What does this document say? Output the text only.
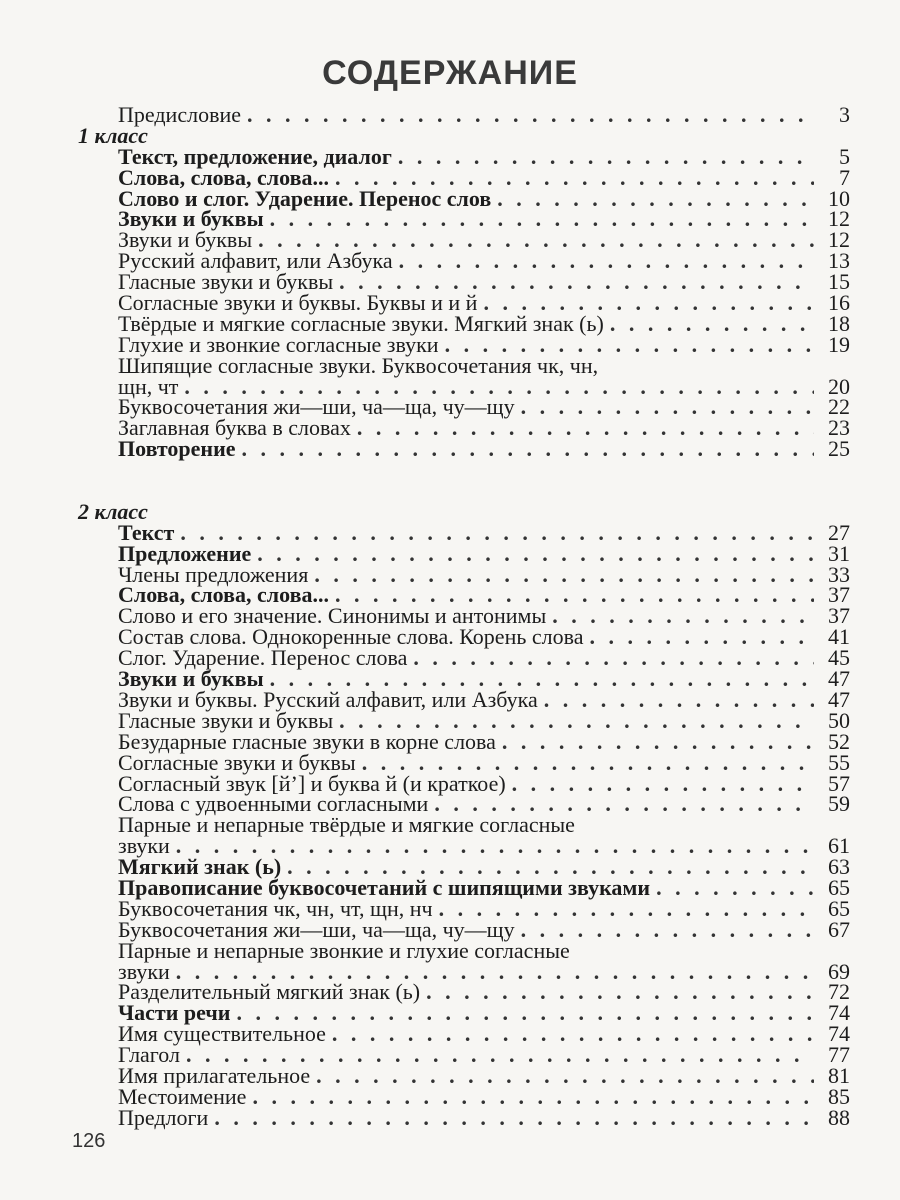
СОДЕРЖАНИЕ
Предисловие . . .	3
1 класс
Текст, предложение, диалог . . .	5
Слова, слова, слова... . . .	7
Слово и слог. Ударение. Перенос слов . . .	10
Звуки и буквы . . .	12
Звуки и буквы . . .	12
Русский алфавит, или Азбука . . .	13
Гласные звуки и буквы . . .	15
Согласные звуки и буквы. Буквы и и й . . .	16
Твёрдые и мягкие согласные звуки. Мягкий знак (ь) . . .	18
Глухие и звонкие согласные звуки . . .	19
Шипящие согласные звуки. Буквосочетания чк, чн,
щн, чт . . .	20
Буквосочетания жи—ши, ча—ща, чу—щу . . .	22
Заглавная буква в словах . . .	23
Повторение . . .	25
2 класс
Текст . . .	27
Предложение . . .	31
Члены предложения . . .	33
Слова, слова, слова... . . .	37
Слово и его значение. Синонимы и антонимы . . .	37
Состав слова. Однокоренные слова. Корень слова . . .	41
Слог. Ударение. Перенос слова . . .	45
Звуки и буквы . . .	47
Звуки и буквы. Русский алфавит, или Азбука . . .	47
Гласные звуки и буквы . . .	50
Безударные гласные звуки в корне слова . . .	52
Согласные звуки и буквы . . .	55
Согласный звук [й’] и буква й (и краткое) . . .	57
Слова с удвоенными согласными . . .	59
Парные и непарные твёрдые и мягкие согласные
звуки . . .	61
Мягкий знак (ь) . . .	63
Правописание буквосочетаний с шипящими звуками . . .	65
Буквосочетания чк, чн, чт, щн, нч . . .	65
Буквосочетания жи—ши, ча—ща, чу—щу . . .	67
Парные и непарные звонкие и глухие согласные
звуки . . .	69
Разделительный мягкий знак (ь) . . .	72
Части речи . . .	74
Имя существительное . . .	74
Глагол . . .	77
Имя прилагательное . . .	81
Местоимение . . .	85
Предлоги . . .	88
126
